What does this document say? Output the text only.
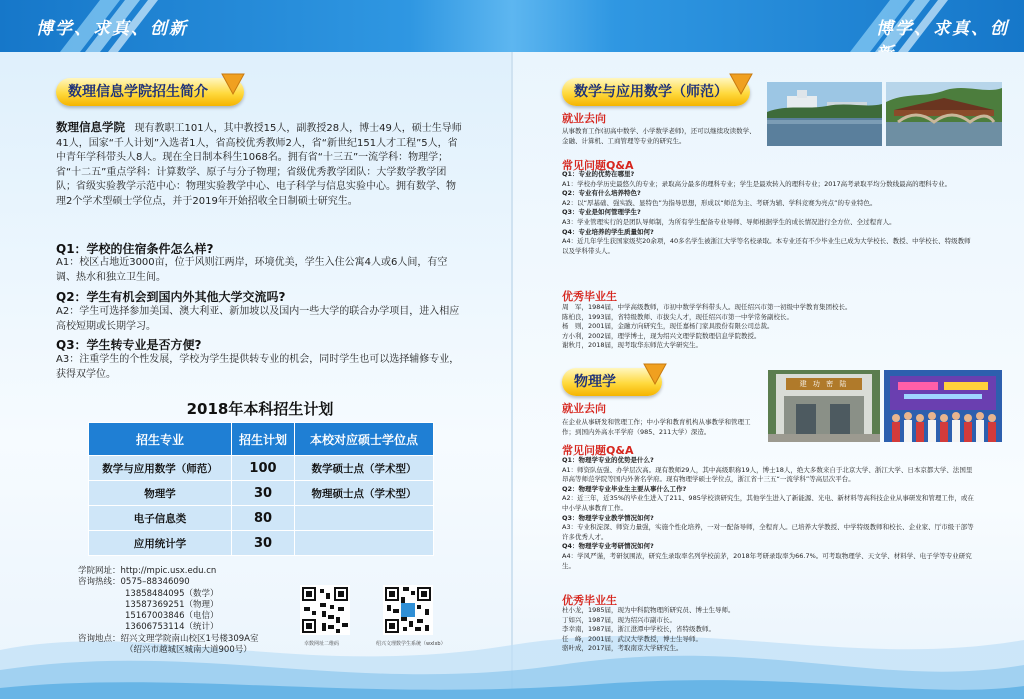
博学、求真、创新	博学、求真、创
数理信息学院招生简介
数理信息学院 现有教职工101人，其中教授15人，副教授28人，博士49人，硕士生导师41人，国家“千人计划”入选者1人，省高校优秀教师2人，省“新世纪151人才工程”5人，省中青年学科带头人8人。现在全日制本科生1068名。拥有省“十三五”一流学科：物理学；省“十二五”重点学科：计算数学、原子与分子物理；省级优秀教学团队：大学数学教学团队；省级实验教学示范中心：物理实验教学中心、电子科学与信息实验中心。拥有数学、物理2个学术型硕士学位点，并于2019年开始招收全日制硕士研究生。
Q1：学校的住宿条件怎么样?
A1：校区占地近3000亩，位于风则江两岸，环境优美，学生入住公寓4人或6人间，有空调、热水和独立卫生间。
Q2：学生有机会到国内外其他大学交流吗?
A2：学生可选择参加美国、澳大利亚、新加坡以及国内一些大学的联合办学项目，进入相应高校短期或长期学习。
Q3：学生转专业是否方便?
A3：注重学生的个性发展，学校为学生提供转专业的机会，同时学生也可以选择辅修专业，获得双学位。
2018年本科招生计划
招生专业	招生计划	本校对应硕士学位点
数学与应用数学（师范）	100	数学硕士点（学术型）
物理学	30	物理硕士点（学术型）
电子信息类	80	
应用统计学	30	
学院网址：http://mpic.usx.edu.cn
咨询热线：0575–88346090
13858484095（数学）
13587369251（物理）
15167003846（电信）
13606753114（统计）
咨询地点：绍兴文理学院南山校区1号楼309A室
（绍兴市越城区城南大道900号）
幸数网址二维码	绍兴文理数学生系统（wxlxb）
数学与应用数学（师范）
就业去向
从事教育工作(初高中数学、小学数学老师)，还可以继续攻读数学、金融、计算机、工商管理等专业的研究生。
常见问题Q&A
Q1：专业的优势在哪里?
A1：学校办学历史最悠久的专业；录取高分最多的理科专业；学生是最欢转入的理科专业；2017高考录取平均分数线最高的理科专业。
Q2：专业有什么培养特色?
A2：以“厚基础、强实践、显特色”为指导思想，形成以“师范为主、考研为辅、学科竞赛为亮点”的专业特色。
Q3：专业是如何管理学生?
A3：学业管理实行的是团队导师制，为所有学生配备专业导师、导师根据学生的成长情况进行全方位、全过程育人。
Q4：专业培养的学生质量如何?
A4：近几年学生获国家级奖20余项，40多名学生被浙江大学等名校录取。本专业还有不少毕业生已成为大学校长、教授、中学校长、特级教师以及学科带头人。
优秀毕业生
周　军，1984届，中学高级教师，市初中数学学科带头人。现任绍兴市第一初级中学教育集团校长。
陈柏良，1993届，省特级教师、市拔尖人才，现任绍兴市第一中学常务副校长。
杨　则，2001届，金融方向研究生，现任嘉杨门家具股份有限公司总裁。
方小利，2002届，理学博士，现为绍兴文理学院数理信息学院教授。
谢秋月，2018届，现考取华东师范大学研究生。
物理学	建 功 密 陆
就业去向
在企业从事研发和管理工作；中小学和教育机构从事教学和管理工作；到国内外高水平学府（985、211大学）深造。
常见问题Q&A
Q1：物理学专业的优势是什么?
A1：师资队伍强、办学层次高。现有教师29人，其中高级职称19人，博士18人，绝大多数来自于北京大学、浙江大学、日本京都大学、法国里昂高等师范学院等国内外著名学府。现有物理学硕士学位点，浙江省十三五“一流学科”等高层次平台。
Q2：物理学专业毕业生主要从事什么工作?
A2：近三年，近35%的毕业生进入了211、985学校读研究生，其他学生进入了新能源、光电、新材料等高科技企业从事研发和管理工作，或在中小学从事教育工作。
Q3：物理学专业教学情况如何?
A3：专业积淀深、师资力量强，实施个性化培养，一对一配备导师，全程育人。已培养大学教授、中学特级教师和校长、企业家、厅市级干部等许多优秀人才。
Q4：物理学专业考研情况如何?
A4：学风严谨，考研氛围浓，研究生录取率名列学校前茅，2018年考研录取率为66.7%。可考取物理学、天文学、材料学、电子学等专业研究生。
优秀毕业生
杜小龙，1985届，现为中科院物理所研究员、博士生导师。
丁如兴，1987届，现为绍兴市副市长。
李幸南，1987届，浙江澄潭中学校长，省特级教师。
任　峰，2001届，武汉大学教授，博士生导师。
骆叶成，2017届，考取南京大学研究生。
